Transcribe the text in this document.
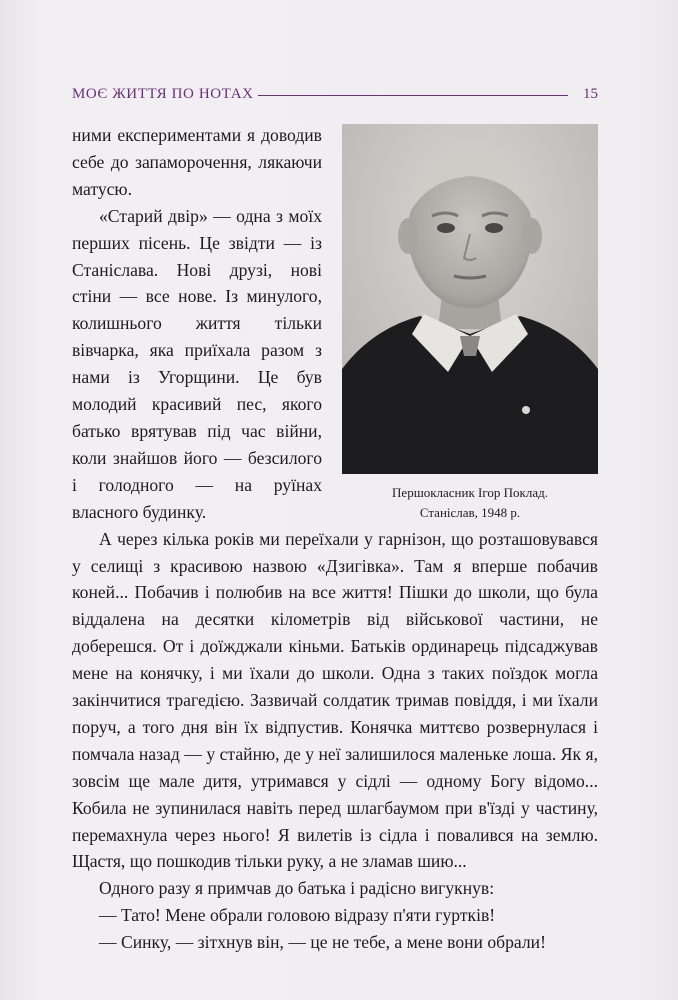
МОЄ ЖИТТЯ ПО НОТАХ	15
Першокласник Ігор Поклад.
Станіслав, 1948 р.

ними експериментами я доводив себе до запаморочення, лякаючи матусю.

«Старий двір» — одна з моїх перших пісень. Це звідти — із Станіслава. Нові друзі, нові стіни — все нове. Із минулого, колишнього життя тільки вівчарка, яка приїхала разом з нами із Угорщини. Це був молодий красивий пес, якого батько врятував під час війни, коли знайшов його — безсилого і голодного — на руїнах власного будинку.

А через кілька років ми переїхали у гарнізон, що розташовувався у селищі з красивою назвою «Дзигівка». Там я вперше побачив коней... Побачив і полюбив на все життя! Пішки до школи, що була віддалена на десятки кілометрів від військової частини, не доберешся. От і доїжджали кіньми. Батьків ординарець підсаджував мене на конячку, і ми їхали до школи. Одна з таких поїздок могла закінчитися трагедією. Зазвичай солдатик тримав повіддя, і ми їхали поруч, а того дня він їх відпустив. Конячка миттєво розвернулася і помчала назад — у стайню, де у неї залишилося маленьке лоша. Як я, зовсім ще мале дитя, утримався у сідлі — одному Богу відомо... Кобила не зупинилася навіть перед шлагбаумом при в'їзді у частину, перемахнула через нього! Я вилетів із сідла і повалився на землю. Щастя, що пошкодив тільки руку, а не зламав шию...

Одного разу я примчав до батька і радісно вигукнув:

— Тато! Мене обрали головою відразу п'яти гуртків!

— Синку, — зітхнув він, — це не тебе, а мене вони обрали!
